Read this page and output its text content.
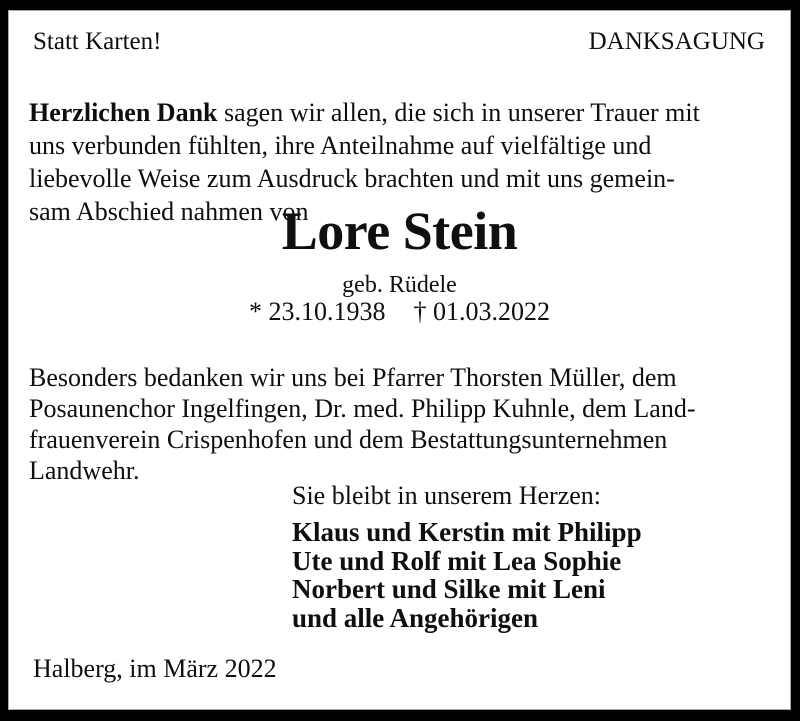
Statt Karten!	DANKSAGUNG

Herzlichen Dank sagen wir allen, die sich in unserer Trauer mit
uns verbunden fühlten, ihre Anteilnahme auf vielfältige und
liebevolle Weise zum Ausdruck brachten und mit uns gemein-
sam Abschied nahmen von

Lore Stein
geb. Rüdele
* 23.10.1938 † 01.03.2022

Besonders bedanken wir uns bei Pfarrer Thorsten Müller, dem
Posaunenchor Ingelfingen, Dr. med. Philipp Kuhnle, dem Land-
frauenverein Crispenhofen und dem Bestattungsunternehmen
Landwehr.

Sie bleibt in unserem Herzen:
Klaus und Kerstin mit Philipp
Ute und Rolf mit Lea Sophie
Norbert und Silke mit Leni
und alle Angehörigen
Halberg, im März 2022
